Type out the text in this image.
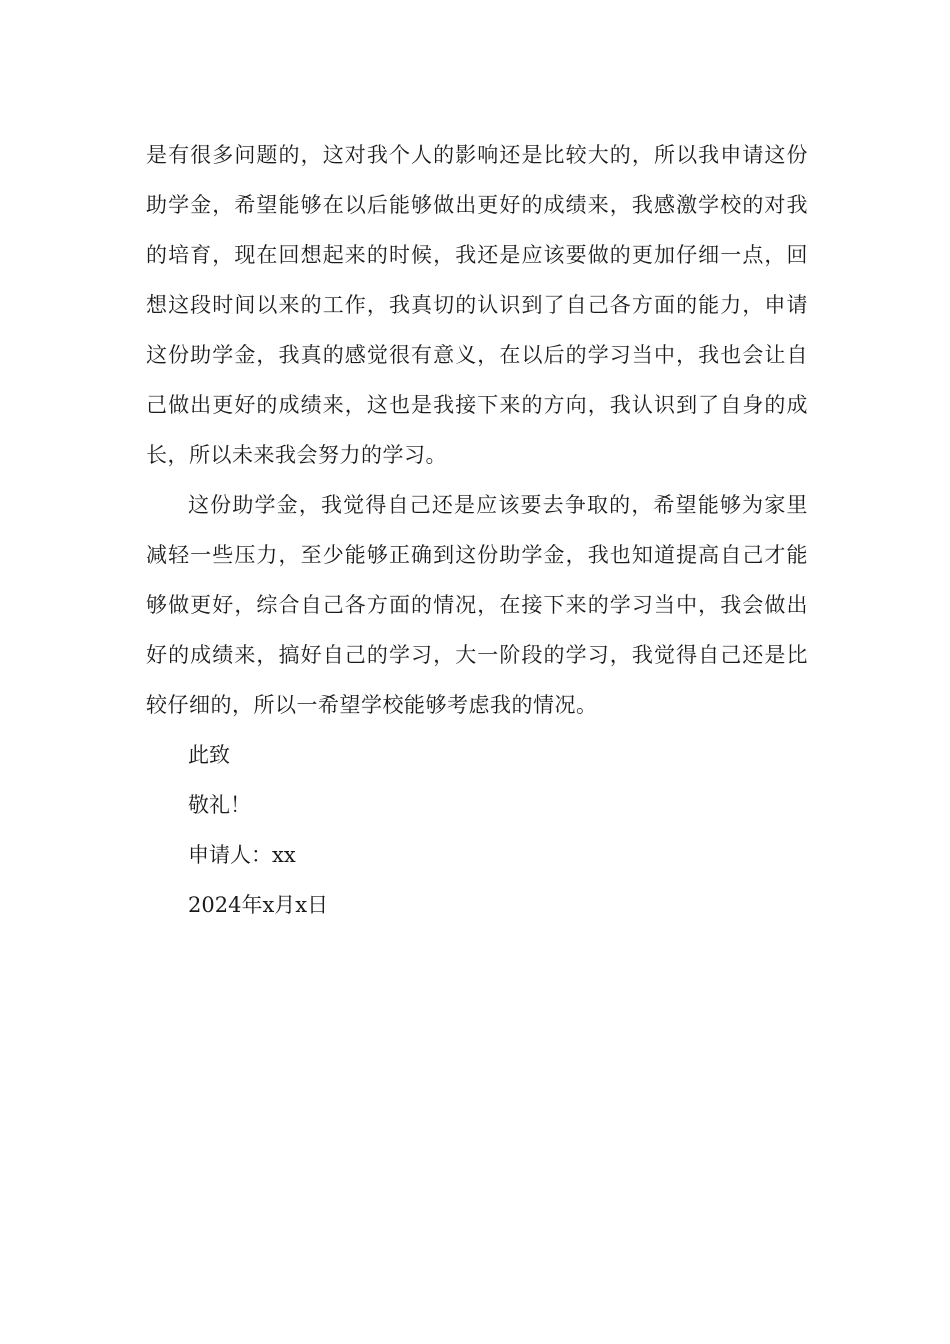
是有很多问题的，这对我个人的影响还是比较大的，所以我申请这份助学金，希望能够在以后能够做出更好的成绩来，我感激学校的对我的培育，现在回想起来的时候，我还是应该要做的更加仔细一点，回想这段时间以来的工作，我真切的认识到了自己各方面的能力，申请这份助学金，我真的感觉很有意义，在以后的学习当中，我也会让自己做出更好的成绩来，这也是我接下来的方向，我认识到了自身的成长，所以未来我会努力的学习。

这份助学金，我觉得自己还是应该要去争取的，希望能够为家里减轻一些压力，至少能够正确到这份助学金，我也知道提高自己才能够做更好，综合自己各方面的情况，在接下来的学习当中，我会做出好的成绩来，搞好自己的学习，大一阶段的学习，我觉得自己还是比较仔细的，所以一希望学校能够考虑我的情况。

此致

敬礼！

申请人：xx

2024年x月x日
